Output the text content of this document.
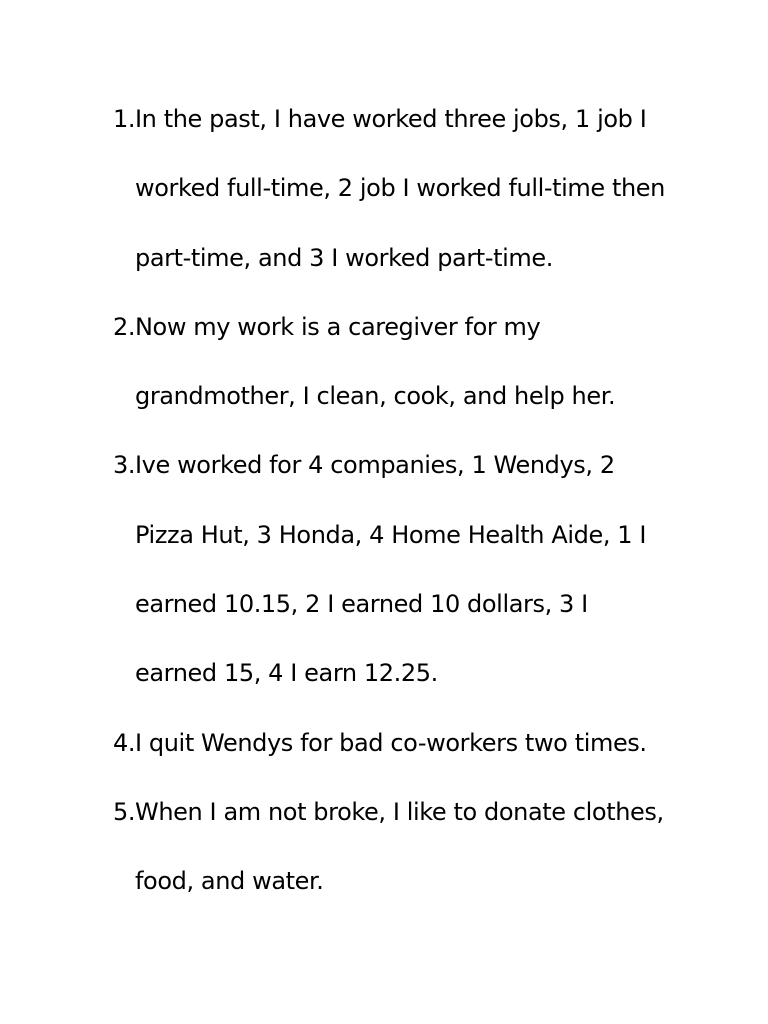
1. In the past, I have worked three jobs, 1 job I worked full-time, 2 job I worked full-time then part-time, and 3 I worked part-time.
2. Now my work is a caregiver for my grandmother, I clean, cook, and help her.
3. Ive worked for 4 companies, 1 Wendys, 2 Pizza Hut, 3 Honda, 4 Home Health Aide, 1 I earned 10.15, 2 I earned 10 dollars, 3 I earned 15, 4 I earn 12.25.
4. I quit Wendys for bad co-workers two times.
5. When I am not broke, I like to donate clothes, food, and water.
